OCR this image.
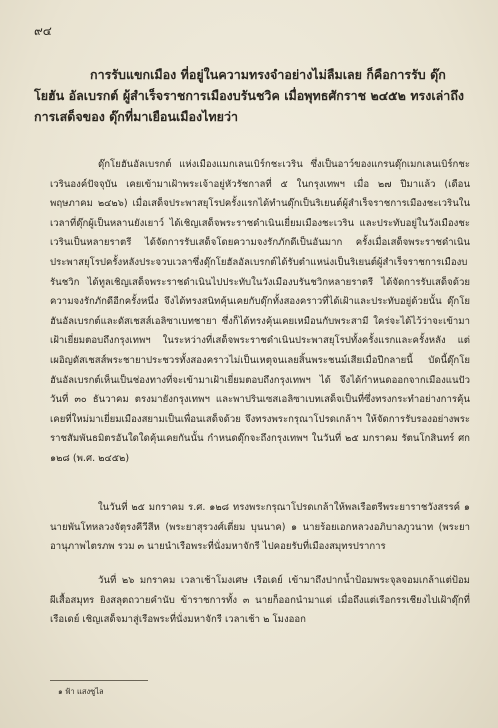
๙๔
การรับแขกเมือง ที่อยู่ในความทรงจำอย่างไม่ลืมเลย ก็คือการรับ ดุ๊ก
โยฮัน อัลเบรกต์ ผู้สำเร็จราชการเมืองบรันชวิค เมื่อพุทธศักราช ๒๔๕๒ ทรงเล่าถึงการเสด็จของ ดุ๊กที่มาเยือนเมืองไทยว่า
ดุ๊กโยฮันอัลเบรกต์ แห่งเมืองแมกเลนเบิร์กชะเวริน ซึ่งเป็นอาว์ของแกรนดุ๊กเมกเลนเบิร์กชะเวรินองค์ปัจจุบัน เคยเข้ามาเฝ้าพระเจ้าอยู่หัวรัชกาลที่ ๕ ในกรุงเทพฯ เมื่อ ๒๗ ปีมาแล้ว (เดือนพฤษภาคม ๒๔๒๖) เมื่อเสด็จประพาสยุโรปครั้งแรกได้ทำนดุ๊กเป็นริเยนต์ผู้สำเร็จราชการเมืองชะเวรินในเวลาที่ดุ๊กผู้เป็นหลานยังเยาว์ ได้เชิญเสด็จพระราชดำเนินเยี่ยมเมืองชะเวริน และประทับอยู่ในวังเมืองชะเวรินเป็นหลายราตรี ได้จัดการรับเสด็จโดยความจงรักภักดีเป็นอันมาก ครั้งเมื่อเสด็จพระราชดำเนินประพาสยุโรปครั้งหลังประจวบเวลาซึ่งดุ๊กโยฮัลอัลเบรกต์ได้รับตำแหน่งเป็นริเยนต์ผู้สำเร็จราชการเมืองบรันชวิก ได้ทูลเชิญเสด็จพระราชดำเนินไปประทับในวังเมืองบรันชวิกหลายราตรี ได้จัดการรับเสด็จด้วยความจงรักภักดีอีกครั้งหนึ่ง จึงได้ทรงสนิทคุ้นเคยกับดุ๊กทั้งสองคราวที่ได้เฝ้าและประทับอยู่ด้วยนั้น ดุ๊กโยฮันอัลเบรกต์และดัสเชสส์เอลิซาเบทชายา ซึ่งก็ได้ทรงคุ้นเคยเหมือนกับพระสามี ใคร่จะได้ไว้ว่าจะเข้ามาเฝ้าเยี่ยมตอบถึงกรุงเทพฯ ในระหว่างที่เสด็จพระราชดำเนินประพาสยุโรปทั้งครั้งแรกและครั้งหลัง แต่เผอิญดัสเชสส์พระชายาประชวรทั้งสองคราวไม่เป็นเหตุจนเลยสิ้นพระชนม์เสียเมื่อปีกลายนี้ บัดนี้ดุ๊กโยฮันอัลเบรกต์เห็นเป็นช่องทางที่จะเข้ามาเฝ้าเยี่ยมตอบถึงกรุงเทพฯ ได้ จึงได้กำหนดออกจากเมืองแนปัว วันที่ ๓๐ ธันวาคม ตรงมายังกรุงเทพฯ และพาปรินเซสเอลิซาเบทเสด็จเป็นที่ซึ่งทรงกระทำอย่างการคุ้นเคยที่ใหม่มาเยี่ยมเมืองสยามเป็นเพื่อนเสด็จด้วย จึงทรงพระกรุณาโปรดเกล้าฯ ให้จัดการรับรองอย่างพระราชสัมพันธมิตรอันใดใดคุ้นเคยกันนั้น กำหนดดุ๊กจะถึงกรุงเทพฯ ในวันที่ ๒๕ มกราคม รัตนโกสินทร์ ศก ๑๒๘ (พ.ศ. ๒๔๕๒)
ในวันที่ ๒๕ มกราคม ร.ศ. ๑๒๘ ทรงพระกรุณาโปรดเกล้าให้พลเรือตรีพระยาราชวังสรรค์ ๑ นายพันโทหลวงจัตุรงคีวีสีห (พระยาสุรวงศ์เตี่ยม บุนนาค) ๑ นายร้อยเอกหลวงอภิบาลภูวนาท (พระยาอานุภาพไตรภพ รวม ๓ นายนำเรือพระที่นั่งมหาจักรี ไปคอยรับที่เมืองสมุทรปราการ
วันที่ ๒๖ มกราคม เวลาเช้าโมงเศษ เรือเดย์ เข้ามาถึงปากน้ำป้อมพระจุลจอมเกล้าแต่ป้อมผีเสื้อสมุทร ยิงสลุตถวายคำนับ ข้าราชการทั้ง ๓ นายก็ออกนำมาแต่ เมื่อถึงแต่เรือกรรเชียงไปเฝ้าดุ๊กที่เรือเดย์ เชิญเสด็จมาสู่เรือพระที่นั่งมหาจักรี เวลาเช้า ๒ โมงออก
๑ ฟ้า แสงซูไล
